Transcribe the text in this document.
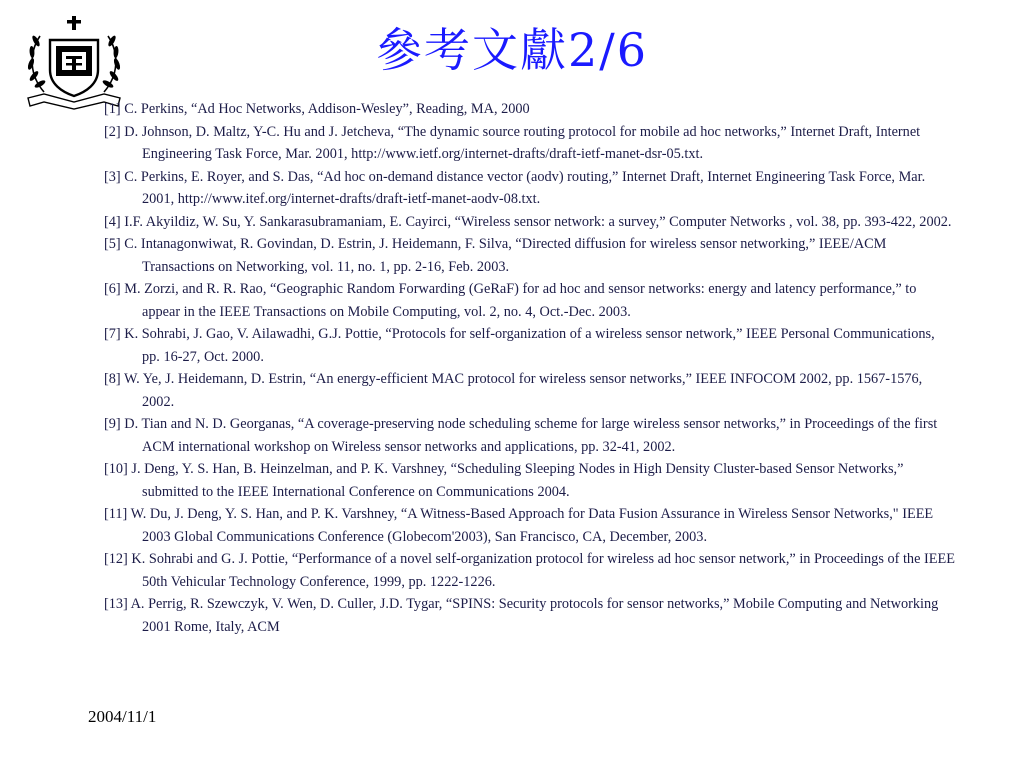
參考文獻2/6
[1] C. Perkins, “Ad Hoc Networks, Addison-Wesley”, Reading, MA, 2000
[2] D. Johnson, D. Maltz, Y-C. Hu and J. Jetcheva, “The dynamic source routing protocol for mobile ad hoc networks,” Internet Draft, Internet Engineering Task Force, Mar. 2001, http://www.ietf.org/internet-drafts/draft-ietf-manet-dsr-05.txt.
[3] C. Perkins, E. Royer, and S. Das, “Ad hoc on-demand distance vector (aodv) routing,” Internet Draft, Internet Engineering Task Force, Mar. 2001, http://www.itef.org/internet-drafts/draft-ietf-manet-aodv-08.txt.
[4] I.F. Akyildiz, W. Su, Y. Sankarasubramaniam, E. Cayirci, “Wireless sensor network: a survey,” Computer Networks , vol. 38, pp. 393-422, 2002.
[5] C. Intanagonwiwat, R. Govindan, D. Estrin, J. Heidemann, F. Silva, “Directed diffusion for wireless sensor networking,” IEEE/ACM Transactions on Networking, vol. 11, no. 1, pp. 2-16, Feb. 2003.
[6] M. Zorzi, and R. R. Rao, “Geographic Random Forwarding (GeRaF) for ad hoc and sensor networks: energy and latency performance,” to appear in the IEEE Transactions on Mobile Computing, vol. 2, no. 4, Oct.-Dec. 2003.
[7] K. Sohrabi, J. Gao, V. Ailawadhi, G.J. Pottie, “Protocols for self-organization of a wireless sensor network,” IEEE Personal Communications, pp. 16-27, Oct. 2000.
[8] W. Ye, J. Heidemann, D. Estrin, “An energy-efficient MAC protocol for wireless sensor networks,” IEEE INFOCOM 2002, pp. 1567-1576, 2002.
[9] D. Tian and N. D. Georganas, “A coverage-preserving node scheduling scheme for large wireless sensor networks,” in Proceedings of the first ACM international workshop on Wireless sensor networks and applications, pp. 32-41, 2002.
[10] J. Deng, Y. S. Han, B. Heinzelman, and P. K. Varshney, “Scheduling Sleeping Nodes in High Density Cluster-based Sensor Networks,” submitted to the IEEE International Conference on Communications 2004.
[11] W. Du, J. Deng, Y. S. Han, and P. K. Varshney, “A Witness-Based Approach for Data Fusion Assurance in Wireless Sensor Networks," IEEE 2003 Global Communications Conference (Globecom'2003), San Francisco, CA, December, 2003.
[12] K. Sohrabi and G. J. Pottie, “Performance of a novel self-organization protocol for wireless ad hoc sensor network,” in Proceedings of the IEEE 50th Vehicular Technology Conference, 1999, pp. 1222-1226.
[13] A. Perrig, R. Szewczyk, V. Wen, D. Culler, J.D. Tygar, “SPINS: Security protocols for sensor networks,” Mobile Computing and Networking 2001 Rome, Italy, ACM
2004/11/1
